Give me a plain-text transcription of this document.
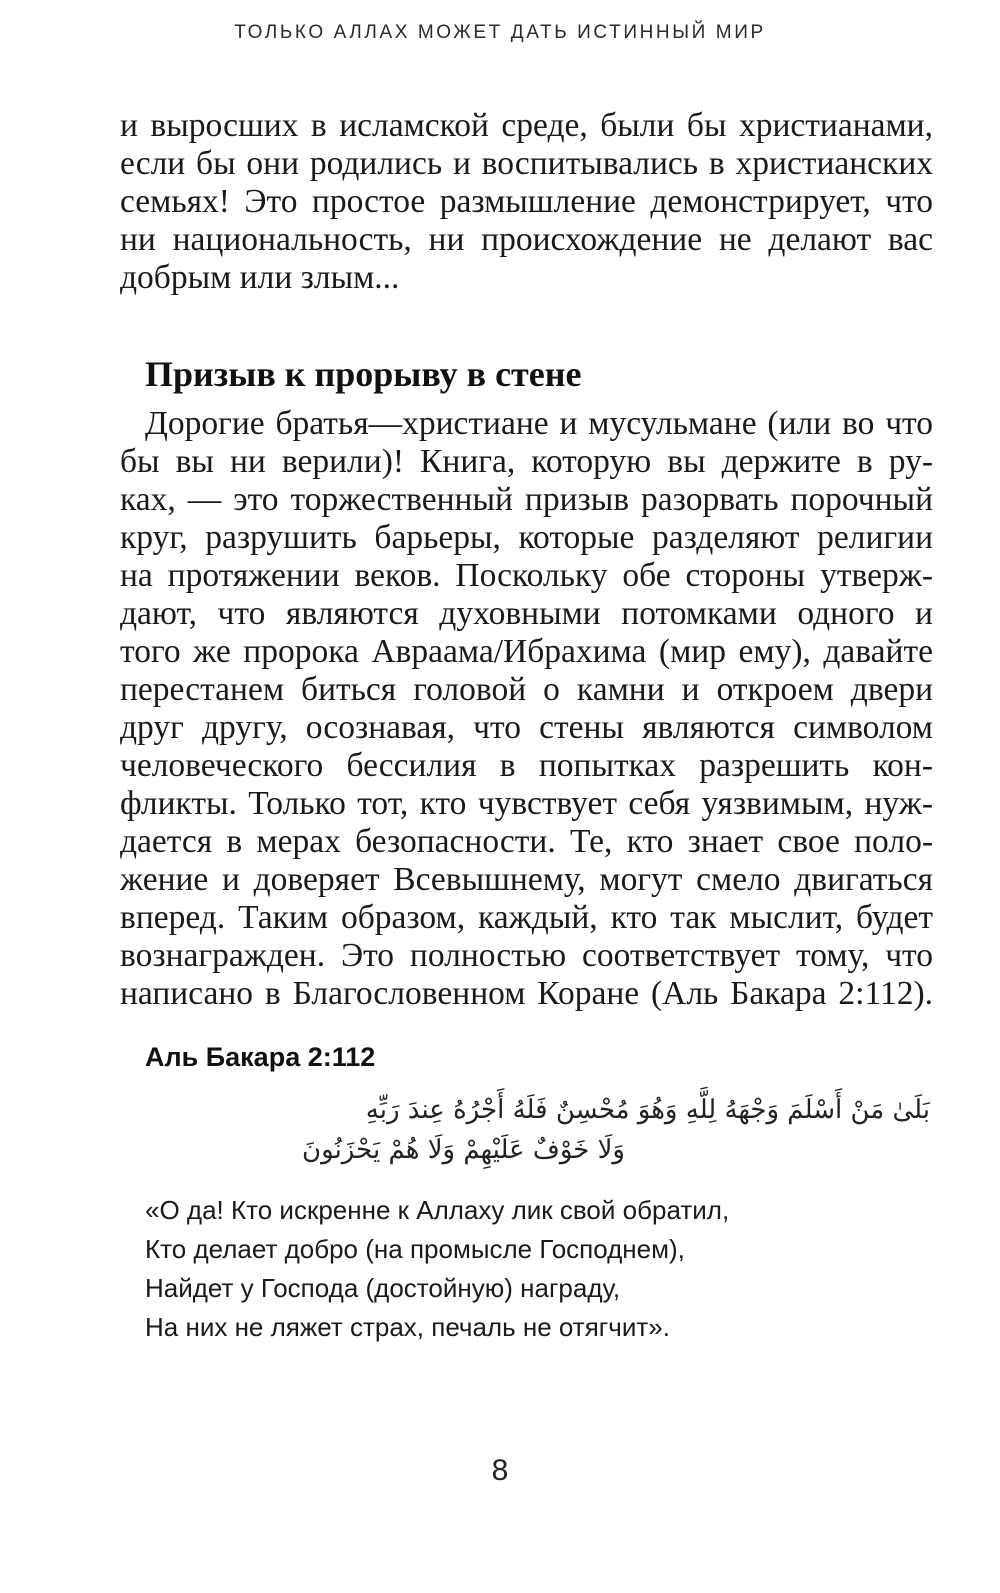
ТОЛЬКО АЛЛАХ МОЖЕТ ДАТЬ ИСТИННЫЙ МИР
и выросших в исламской среде, были бы христианами,
если бы они родились и воспитывались в христианских
семьях! Это простое размышление демонстрирует, что
ни национальность, ни происхождение не делают вас
добрым или злым...
Призыв к прорыву в стене
Дорогие братья—христиане и мусульмане (или во что
бы вы ни верили)! Книга, которую вы держите в ру-
ках, — это торжественный призыв разорвать порочный
круг, разрушить барьеры, которые разделяют религии
на протяжении веков. Поскольку обе стороны утверж-
дают, что являются духовными потомками одного и
того же пророка Авраама/Ибрахима (мир ему), давайте
перестанем биться головой о камни и откроем двери
друг другу, осознавая, что стены являются символом
человеческого бессилия в попытках разрешить кон-
фликты. Только тот, кто чувствует себя уязвимым, нуж-
дается в мерах безопасности. Те, кто знает свое поло-
жение и доверяет Всевышнему, могут смело двигаться
вперед. Таким образом, каждый, кто так мыслит, будет
вознагражден. Это полностью соответствует тому, что
написано в Благословенном Коране (Аль Бакара 2:112).
Аль Бакара 2:112
بَلَىٰ مَنْ أَسْلَمَ وَجْهَهُ لِلَّهِ وَهُوَ مُحْسِنٌ فَلَهُ أَجْرُهُ عِندَ رَبِّهِ
وَلَا خَوْفٌ عَلَيْهِمْ وَلَا هُمْ يَحْزَنُونَ
«О да! Кто искренне к Аллаху лик свой обратил,
Кто делает добро (на промысле Господнем),
Найдет у Господа (достойную) награду,
На них не ляжет страх, печаль не отягчит».
8
